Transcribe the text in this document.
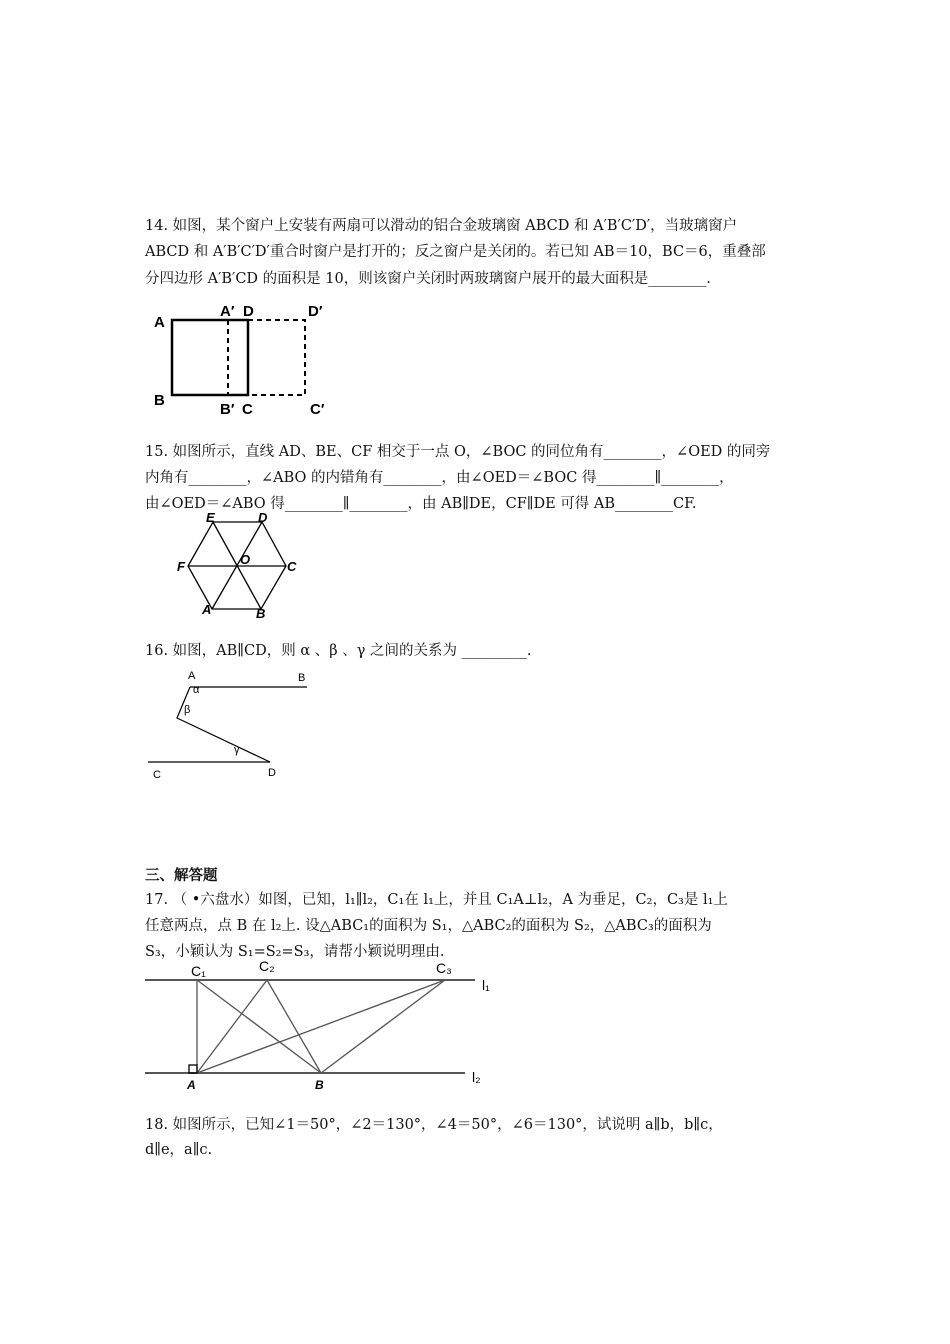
14. 如图，某个窗户上安装有两扇可以滑动的铝合金玻璃窗 ABCD 和 A′B′C′D′，当玻璃窗户
ABCD 和 A′B′C′D′重合时窗户是打开的；反之窗户是关闭的。若已知 AB＝10，BC＝6，重叠部
分四边形 A′B′CD 的面积是 10，则该窗户关闭时两玻璃窗户展开的最大面积是________.
15. 如图所示，直线 AD、BE、CF 相交于一点 O，∠BOC 的同位角有________，∠OED 的同旁
内角有________，∠ABO 的内错角有________，由∠OED＝∠BOC 得________∥________，
由∠OED＝∠ABO 得________∥________，由 AB∥DE，CF∥DE 可得 AB________CF.
16. 如图，AB∥CD，则 α 、β 、γ 之间的关系为 _________.
三、解答题
17. （ •六盘水）如图，已知，l₁∥l₂，C₁在 l₁上，并且 C₁A⊥l₂，A 为垂足，C₂，C₃是 l₁上
任意两点，点 B 在 l₂上. 设△ABC₁的面积为 S₁，△ABC₂的面积为 S₂，△ABC₃的面积为
S₃，小颖认为 S₁=S₂=S₃，请帮小颖说明理由.
18. 如图所示，已知∠1＝50°，∠2＝130°，∠4＝50°，∠6＝130°，试说明 a∥b，b∥c，
d∥e，a∥c.
A
A′ D	D′
B
B′ C	C′
E	D
F	O	C
A	B
A	B
α
β
γ
C	D
C₁	C₂	C₃
l₁
l₂
A	B
